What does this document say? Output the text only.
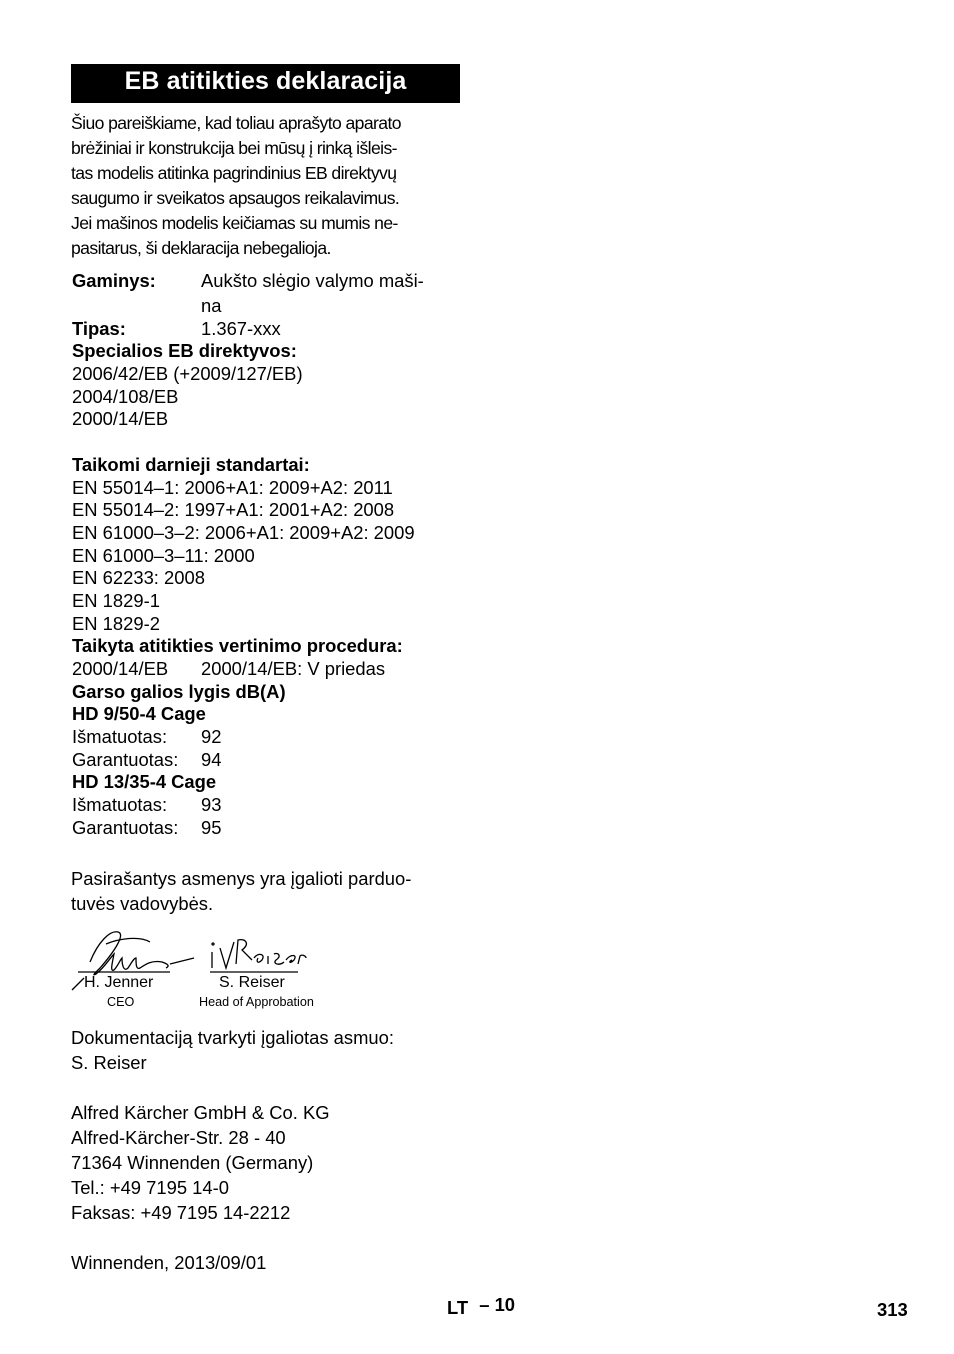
EB atitikties deklaracija
Šiuo pareiškiame, kad toliau aprašyto aparato
brėžiniai ir konstrukcija bei mūsų į rinką išleis-
tas modelis atitinka pagrindinius EB direktyvų
saugumo ir sveikatos apsaugos reikalavimus.
Jei mašinos modelis keičiamas su mumis ne-
pasitarus, ši deklaracija nebegalioja.
Gaminys: Aukšto slėgio valymo maši-
na
Tipas:	1.367-xxx
Specialios EB direktyvos:
2006/42/EB (+2009/127/EB)
2004/108/EB
2000/14/EB
Taikomi darnieji standartai:
EN 55014–1: 2006+A1: 2009+A2: 2011
EN 55014–2: 1997+A1: 2001+A2: 2008
EN 61000–3–2: 2006+A1: 2009+A2: 2009
EN 61000–3–11: 2000
EN 62233: 2008
EN 1829-1
EN 1829-2
Taikyta atitikties vertinimo procedura:
2000/14/EB 2000/14/EB: V priedas
Garso galios lygis dB(A)
HD 9/50-4 Cage
Išmatuotas: 92
Garantuotas: 94
HD 13/35-4 Cage
Išmatuotas: 93
Garantuotas: 95
Pasirašantys asmenys yra įgalioti parduo-
tuvės vadovybės.
H. Jenner
CEO
S. Reiser
Head of Approbation
Dokumentaciją tvarkyti įgaliotas asmuo:
S. Reiser
Alfred Kärcher GmbH & Co. KG
Alfred-Kärcher-Str. 28 - 40
71364 Winnenden (Germany)
Tel.: +49 7195 14-0
Faksas: +49 7195 14-2212
Winnenden, 2013/09/01
LT – 10	313
